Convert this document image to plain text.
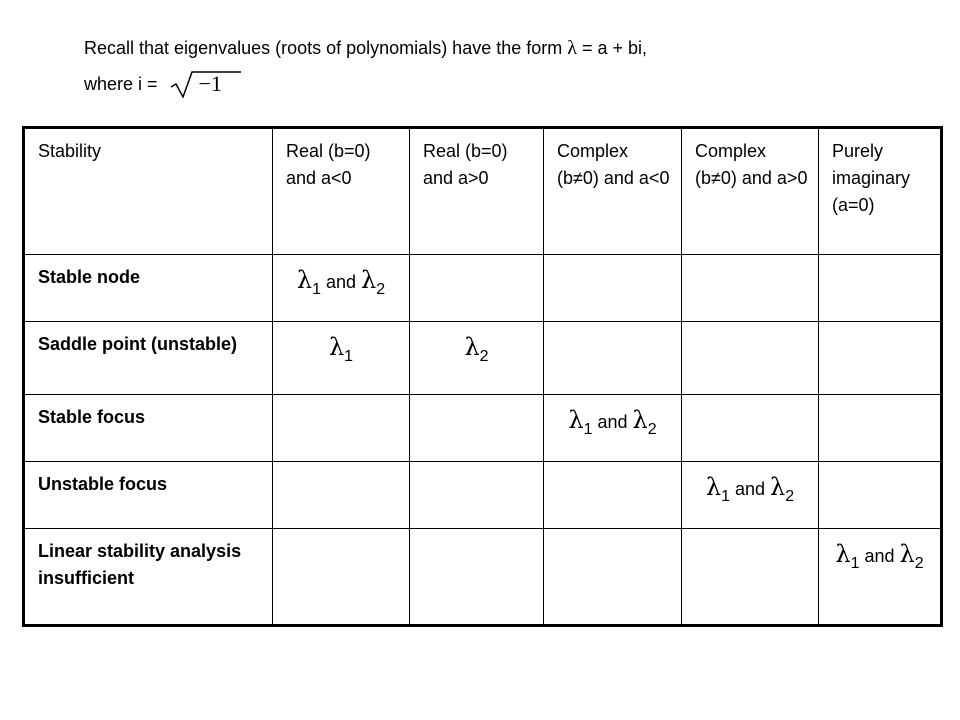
Recall that eigenvalues (roots of polynomials) have the form λ = a + bi,
where i = −1
Stability	Real (b=0) and a<0	Real (b=0) and a>0	Complex (b≠0) and a<0	Complex (b≠0) and a>0	Purely imaginary (a=0)
Stable node	$\lambda_1$ and $\lambda_2$				
Saddle point (unstable)	$\lambda_1$	$\lambda_2$			
Stable focus			$\lambda_1$ and $\lambda_2$		
Unstable focus				$\lambda_1$ and $\lambda_2$	
Linear stability analysis insufficient					$\lambda_1$ and $\lambda_2$
